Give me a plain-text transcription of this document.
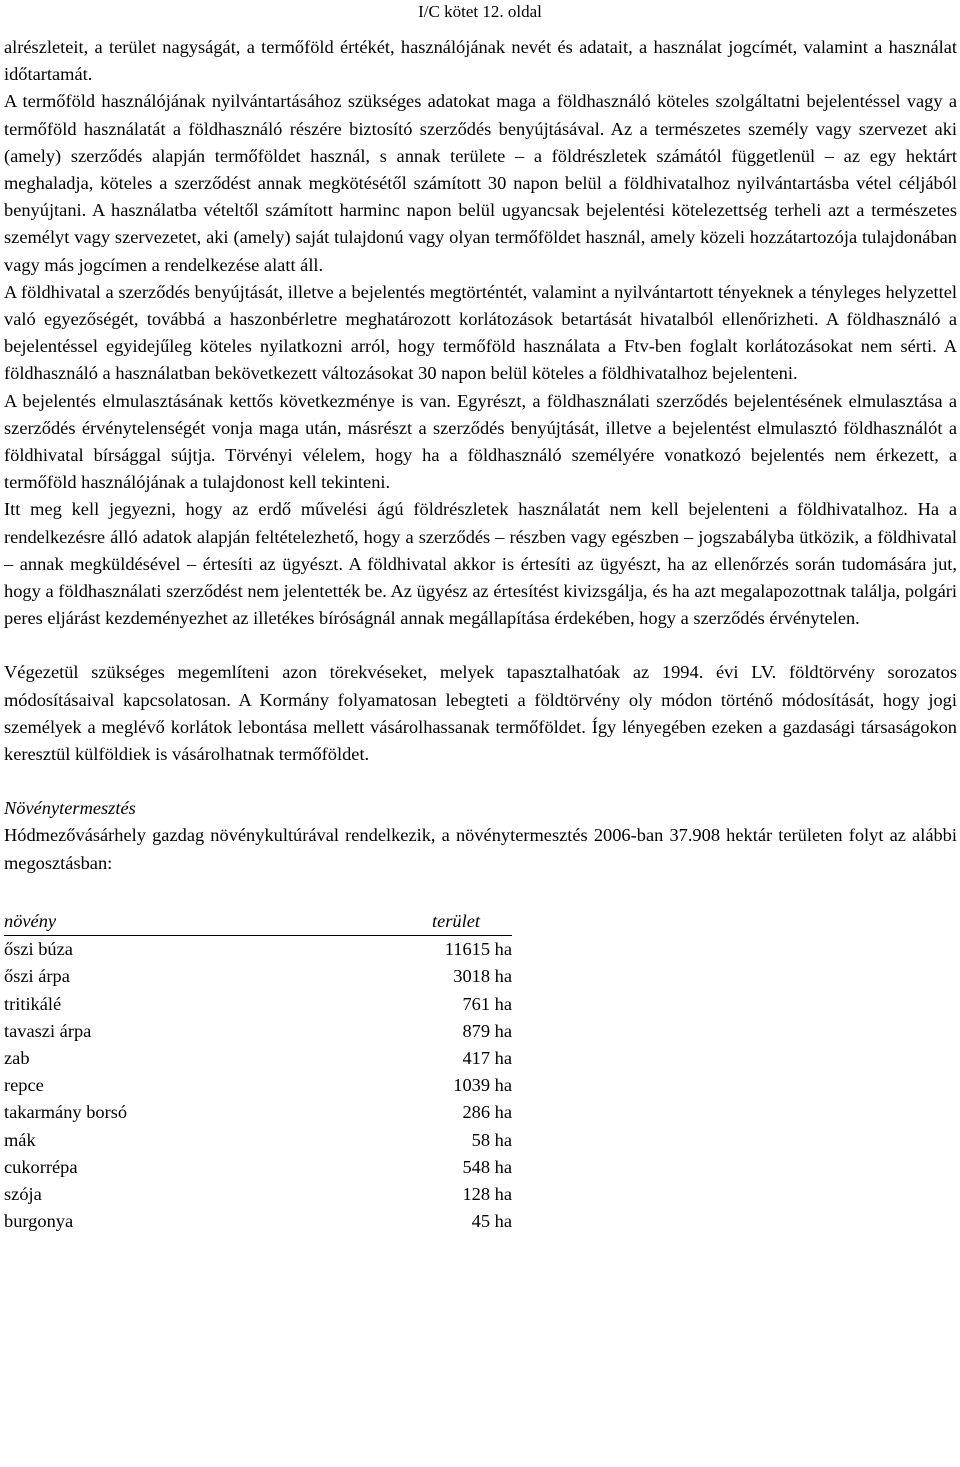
I/C kötet 12. oldal

alrészleteit, a terület nagyságát, a termőföld értékét, használójának nevét és adatait, a használat jogcímét, valamint a használat időtartamát.

A termőföld használójának nyilvántartásához szükséges adatokat maga a földhasználó köteles szolgáltatni bejelentéssel vagy a termőföld használatát a földhasználó részére biztosító szerződés benyújtásával. Az a természetes személy vagy szervezet aki (amely) szerződés alapján termőföldet használ, s annak területe – a földrészletek számától függetlenül – az egy hektárt meghaladja, köteles a szerződést annak megkötésétől számított 30 napon belül a földhivatalhoz nyilvántartásba vétel céljából benyújtani. A használatba vételtől számított harminc napon belül ugyancsak bejelentési kötelezettség terheli azt a természetes személyt vagy szervezetet, aki (amely) saját tulajdonú vagy olyan termőföldet használ, amely közeli hozzátartozója tulajdonában vagy más jogcímen a rendelkezése alatt áll.

A földhivatal a szerződés benyújtását, illetve a bejelentés megtörténtét, valamint a nyilvántartott tényeknek a tényleges helyzettel való egyezőségét, továbbá a haszonbérletre meghatározott korlátozások betartását hivatalból ellenőrizheti. A földhasználó a bejelentéssel egyidejűleg köteles nyilatkozni arról, hogy termőföld használata a Ftv-ben foglalt korlátozásokat nem sérti. A földhasználó a használatban bekövetkezett változásokat 30 napon belül köteles a földhivatalhoz bejelenteni.

A bejelentés elmulasztásának kettős következménye is van. Egyrészt, a földhasználati szerződés bejelentésének elmulasztása a szerződés érvénytelenségét vonja maga után, másrészt a szerződés benyújtását, illetve a bejelentést elmulasztó földhasználót a földhivatal bírsággal sújtja. Törvényi vélelem, hogy ha a földhasználó személyére vonatkozó bejelentés nem érkezett, a termőföld használójának a tulajdonost kell tekinteni.

Itt meg kell jegyezni, hogy az erdő művelési ágú földrészletek használatát nem kell bejelenteni a földhivatalhoz. Ha a rendelkezésre álló adatok alapján feltételezhető, hogy a szerződés – részben vagy egészben – jogszabályba ütközik, a földhivatal – annak megküldésével – értesíti az ügyészt. A földhivatal akkor is értesíti az ügyészt, ha az ellenőrzés során tudomására jut, hogy a földhasználati szerződést nem jelentették be. Az ügyész az értesítést kivizsgálja, és ha azt megalapozottnak találja, polgári peres eljárást kezdeményezhet az illetékes bíróságnál annak megállapítása érdekében, hogy a szerződés érvénytelen.

Végezetül szükséges megemlíteni azon törekvéseket, melyek tapasztalhatóak az 1994. évi LV. földtörvény sorozatos módosításaival kapcsolatosan. A Kormány folyamatosan lebegteti a földtörvény oly módon történő módosítását, hogy jogi személyek a meglévő korlátok lebontása mellett vásárolhassanak termőföldet. Így lényegében ezeken a gazdasági társaságokon keresztül külföldiek is vásárolhatnak termőföldet.

Növénytermesztés

Hódmezővásárhely gazdag növénykultúrával rendelkezik, a növénytermesztés 2006-ban 37.908 hektár területen folyt az alábbi megosztásban:

növény	terület
őszi búza	11615 ha
őszi árpa	3018 ha
tritikálé	761 ha
tavaszi árpa	879 ha
zab	417 ha
repce	1039 ha
takarmány borsó	286 ha
mák	58 ha
cukorrépa	548 ha
szója	128 ha
burgonya	45 ha
